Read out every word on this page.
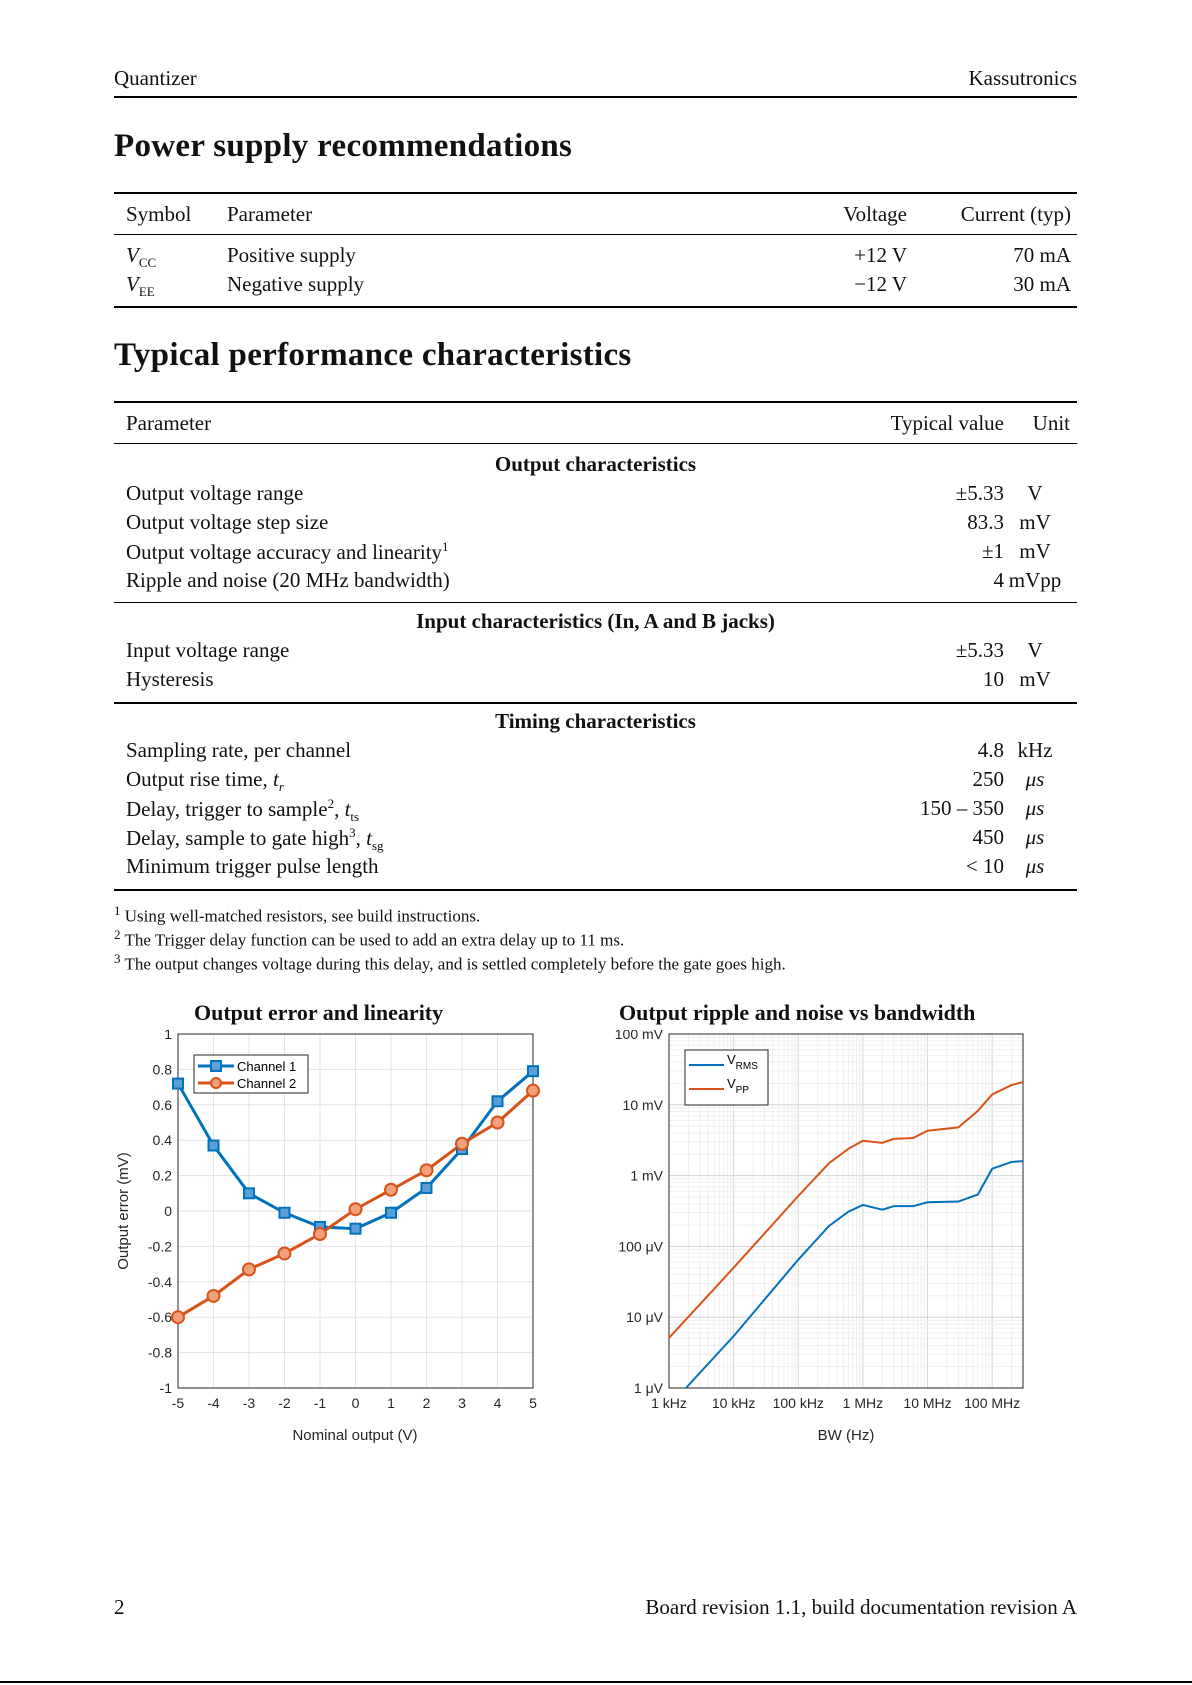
Quantizer	Kassutronics
Power supply recommendations
Symbol Parameter	Voltage	Current (typ)
$V_{CC}$	Positive supply	+12 V	70 mA
$V_{EE}$	Negative supply	−12 V	30 mA
Typical performance characteristics
Parameter	Typical value Unit
Output characteristics
Output voltage range	±5.33	V
Output voltage step size	83.3 mV
Output voltage accuracy and linearity$^1$	±1 mV
Ripple and noise (20 MHz bandwidth)	4 mVpp
Input characteristics (In, A and B jacks)
Input voltage range	±5.33	V
Hysteresis	10 mV
Timing characteristics
Sampling rate, per channel	4.8 kHz
Output rise time, $t_r$	250	μs
Delay, trigger to sample$^2$, $t_{ts}$	150 – 350	μs
Delay, sample to gate high$^3$, $t_{sg}$	450	μs
Minimum trigger pulse length	< 10	μs
$^1$ Using well-matched resistors, see build instructions.
$^2$ The Trigger delay function can be used to add an extra delay up to 11 ms.
$^3$ The output changes voltage during this delay, and is settled completely before the gate goes high.
Output error and linearity	Output ripple and noise vs bandwidth
-5 -4 -3 -2 -1 0 1 2 3 4 5
1
0.8
0.6
0.4
0.2
0
-0.2
-0.4
-0.6
-0.8
-1
Nominal output (V)
Output error (mV)
Channel 1
Channel 2
1 kHz 10 kHz 100 kHz 1 MHz 10 MHz 100 MHz
100 mV
10 mV
1 mV
100 μV
10 μV
1 μV
BW (Hz)
$V_{RMS}$
$V_{PP}$
2	Board revision 1.1, build documentation revision A
